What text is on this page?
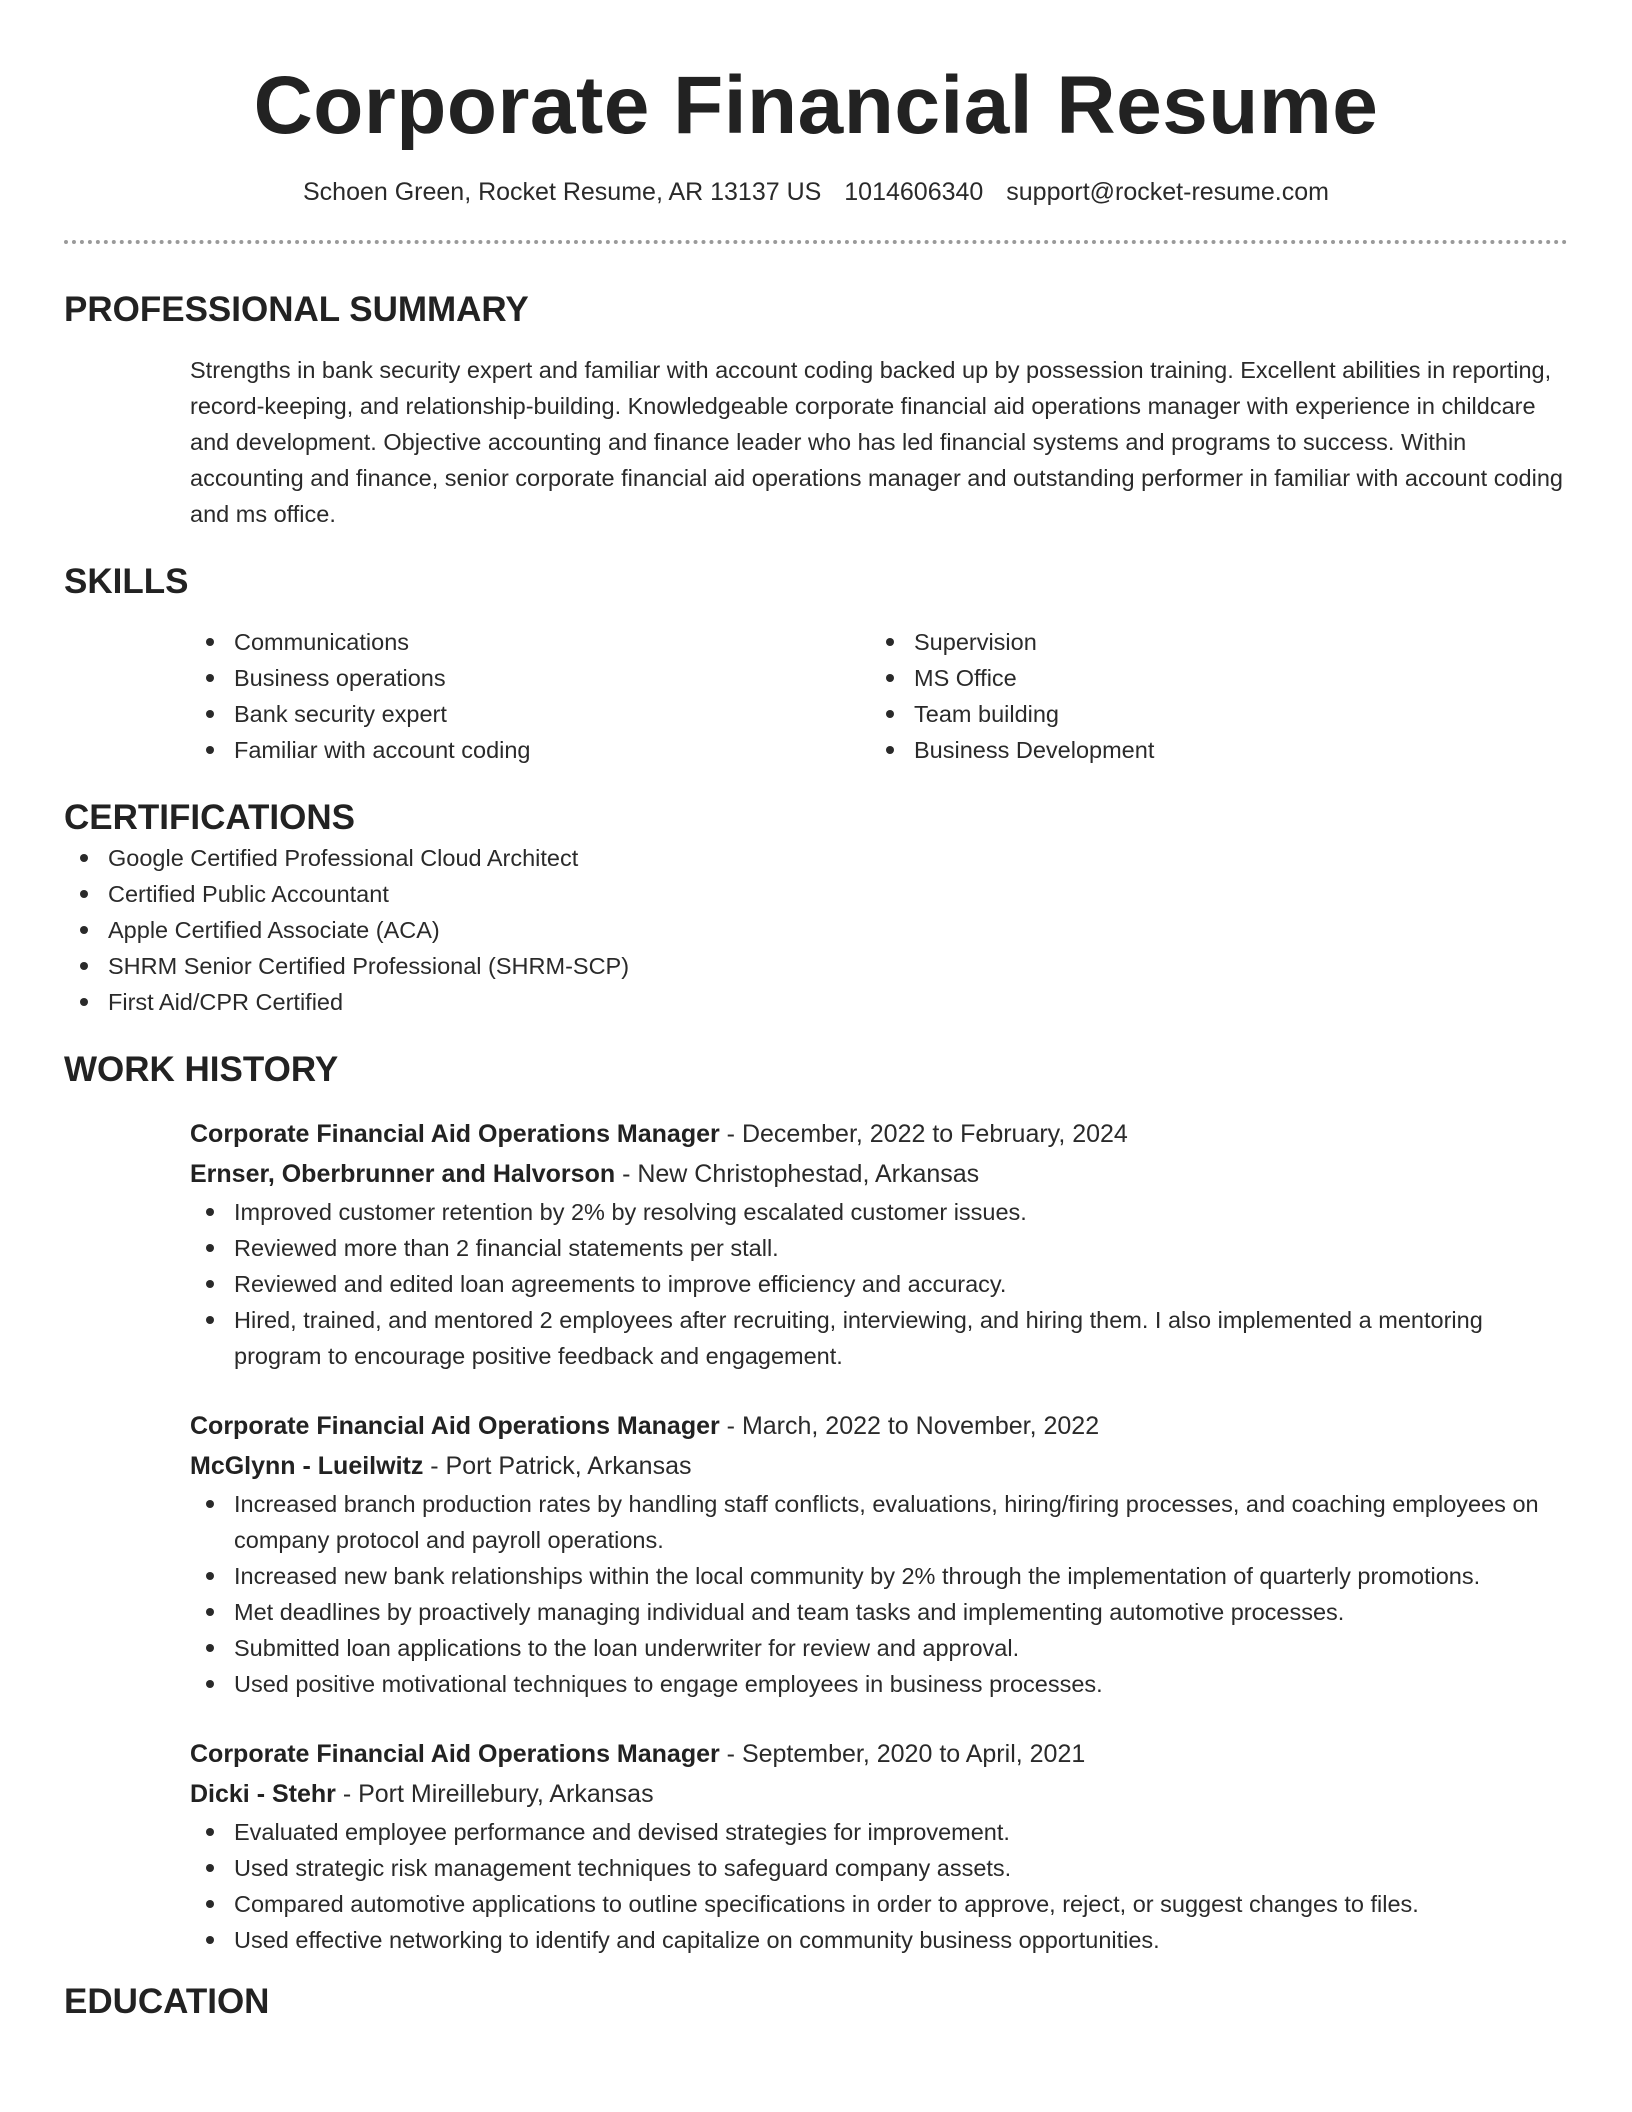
Corporate Financial Resume
Schoen Green, Rocket Resume, AR 13137 US 1014606340 support@rocket-resume.com
PROFESSIONAL SUMMARY

Strengths in bank security expert and familiar with account coding backed up by possession training. Excellent abilities in reporting, record-keeping, and relationship-building. Knowledgeable corporate financial aid operations manager with experience in childcare and development. Objective accounting and finance leader who has led financial systems and programs to success. Within accounting and finance, senior corporate financial aid operations manager and outstanding performer in familiar with account coding and ms office.

SKILLS
Communications
Business operations
Bank security expert
Familiar with account coding
Supervision
MS Office
Team building
Business Development
CERTIFICATIONS
Google Certified Professional Cloud Architect
Certified Public Accountant
Apple Certified Associate (ACA)
SHRM Senior Certified Professional (SHRM-SCP)
First Aid/CPR Certified
WORK HISTORY
Corporate Financial Aid Operations Manager - December, 2022 to February, 2024
Ernser, Oberbrunner and Halvorson - New Christophestad, Arkansas
Improved customer retention by 2% by resolving escalated customer issues.
Reviewed more than 2 financial statements per stall.
Reviewed and edited loan agreements to improve efficiency and accuracy.
Hired, trained, and mentored 2 employees after recruiting, interviewing, and hiring them. I also implemented a mentoring program to encourage positive feedback and engagement.
Corporate Financial Aid Operations Manager - March, 2022 to November, 2022
McGlynn - Lueilwitz - Port Patrick, Arkansas
Increased branch production rates by handling staff conflicts, evaluations, hiring/firing processes, and coaching employees on company protocol and payroll operations.
Increased new bank relationships within the local community by 2% through the implementation of quarterly promotions.
Met deadlines by proactively managing individual and team tasks and implementing automotive processes.
Submitted loan applications to the loan underwriter for review and approval.
Used positive motivational techniques to engage employees in business processes.
Corporate Financial Aid Operations Manager - September, 2020 to April, 2021
Dicki - Stehr - Port Mireillebury, Arkansas
Evaluated employee performance and devised strategies for improvement.
Used strategic risk management techniques to safeguard company assets.
Compared automotive applications to outline specifications in order to approve, reject, or suggest changes to files.
Used effective networking to identify and capitalize on community business opportunities.
EDUCATION
